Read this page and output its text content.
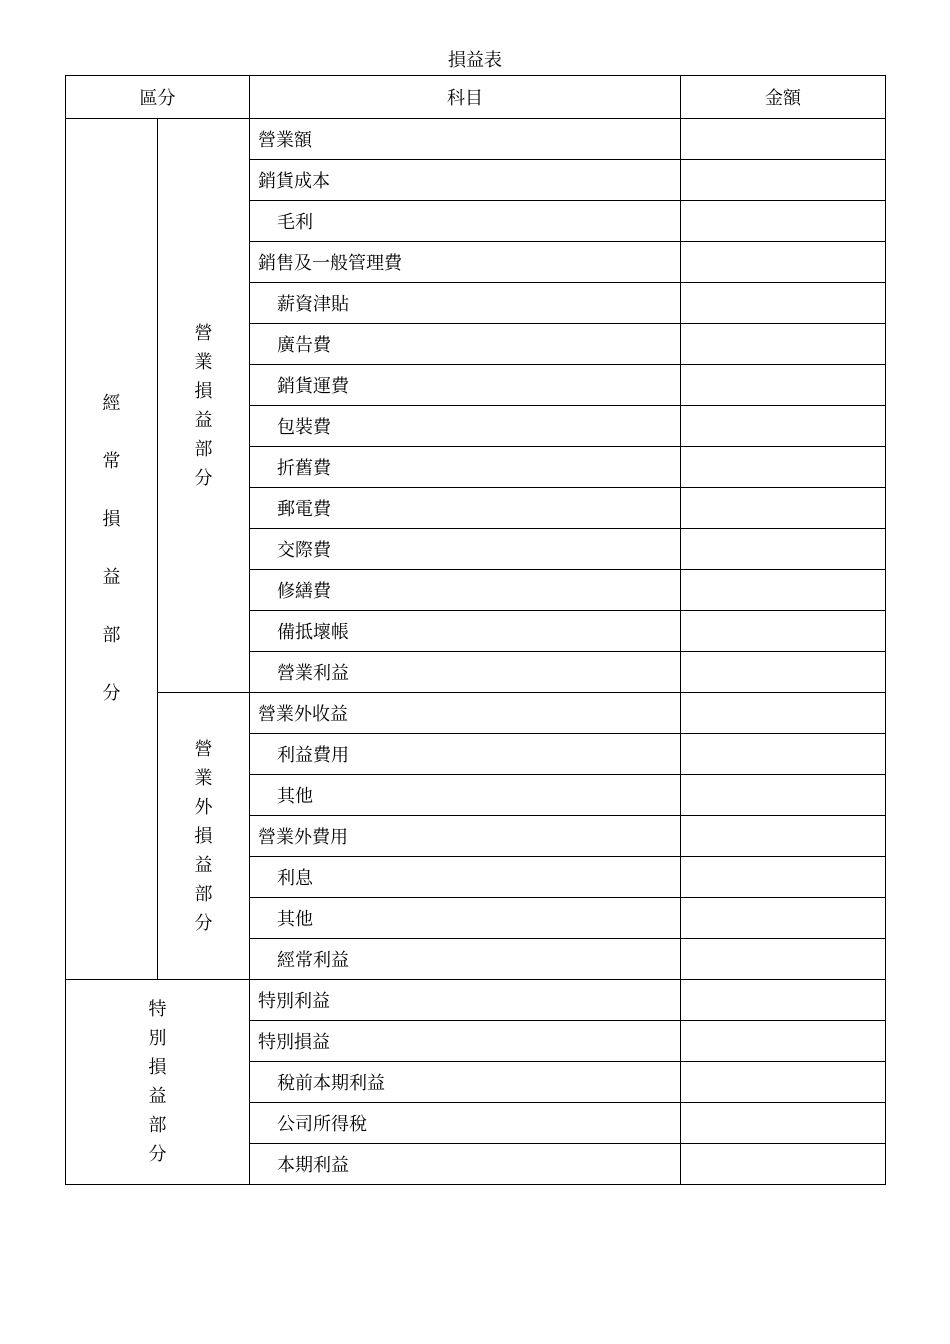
損益表
區分		科目	金額
經常損益部分	營業損益部分	營業額	
		銷貨成本	
		毛利	
		銷售及一般管理費	
		薪資津貼	
		廣告費	
		銷貨運費	
		包裝費	
		折舊費	
		郵電費	
		交際費	
		修繕費	
		備抵壞帳	
		營業利益	
	營業外損益部分	營業外收益	
		利益費用	
		其他	
		營業外費用	
		利息	
		其他	
		經常利益	
特別損益部分		特別利益	
		特別損益	
		稅前本期利益	
		公司所得稅	
		本期利益	
